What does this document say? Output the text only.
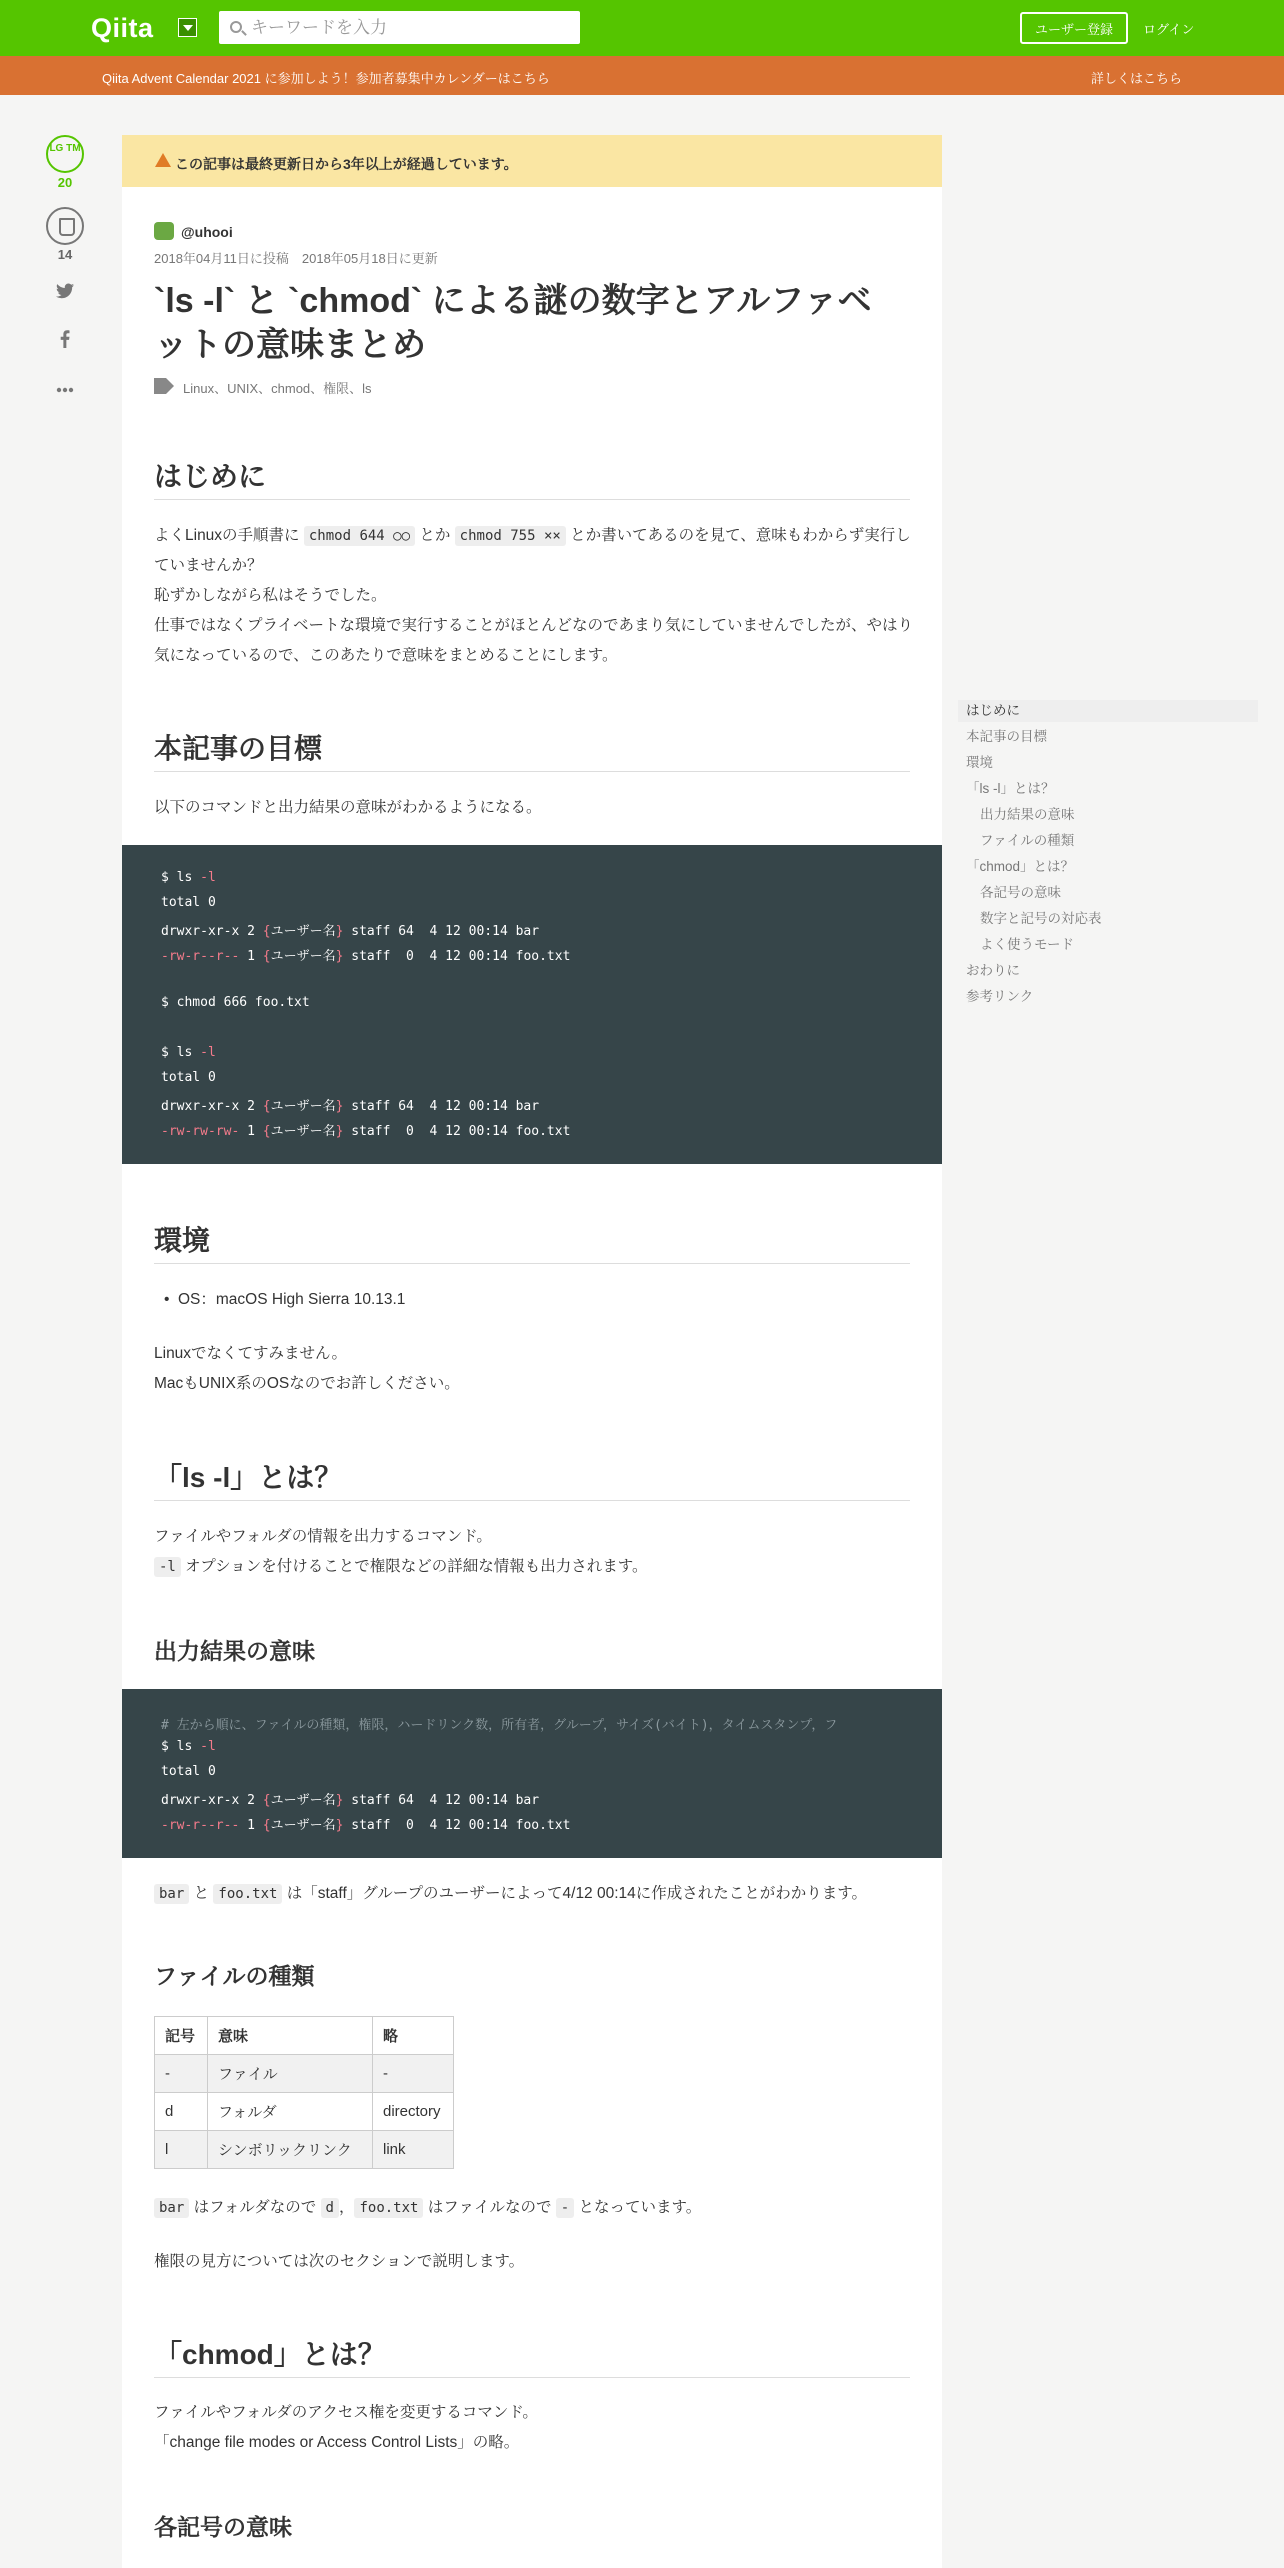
Qiita
キーワードを入力	ユーザー登録	ログイン
Qiita Advent Calendar 2021 に参加しよう！参加者募集中カレンダーはこちら	詳しくはこちら
LG TM
20
14
この記事は最終更新日から3年以上が経過しています。
@uhooi
2018年04月11日に投稿　2018年05月18日に更新
`ls -l` と `chmod` による謎の数字とアルファベットの意味まとめ
Linux、UNIX、chmod、権限、ls
はじめに
よくLinuxの手順書に chmod 644 ○○ とか chmod 755 ×× とか書いてあるのを見て、意味もわからず実行していませんか？
恥ずかしながら私はそうでした。
仕事ではなくプライベートな環境で実行することがほとんどなのであまり気にしていませんでしたが、やはり気になっているので、このあたりで意味をまとめることにします。
本記事の目標
以下のコマンドと出力結果の意味がわかるようになる。
$ ls -l
total 0
drwxr-xr-x 2 {ユーザー名} staff 64  4 12 00:14 bar
-rw-r--r-- 1 {ユーザー名} staff  0  4 12 00:14 foo.txt
$ chmod 666 foo.txt
$ ls -l
total 0
drwxr-xr-x 2 {ユーザー名} staff 64  4 12 00:14 bar
-rw-rw-rw- 1 {ユーザー名} staff  0  4 12 00:14 foo.txt
環境
• OS：macOS High Sierra 10.13.1
Linuxでなくてすみません。
MacもUNIX系のOSなのでお許しください。
「ls -l」とは？
ファイルやフォルダの情報を出力するコマンド。
-l オプションを付けることで権限などの詳細な情報も出力されます。
出力結果の意味
# 左から順に、ファイルの種類，権限，ハードリンク数，所有者，グループ，サイズ(バイト)，タイムスタンプ，フ
$ ls -l
total 0
drwxr-xr-x 2 {ユーザー名} staff 64  4 12 00:14 bar
-rw-r--r-- 1 {ユーザー名} staff  0  4 12 00:14 foo.txt
bar と foo.txt は「staff」グループのユーザーによって4/12 00:14に作成されたことがわかります。
ファイルの種類
記号	意味	略
-	ファイル	-
d	フォルダ	directory
l	シンボリックリンク	link
bar はフォルダなので d ， foo.txt はファイルなので - となっています。
権限の見方については次のセクションで説明します。
「chmod」とは？
ファイルやフォルダのアクセス権を変更するコマンド。
「change file modes or Access Control Lists」の略。
各記号の意味
はじめに
本記事の目標
環境
「ls -l」とは？
出力結果の意味
ファイルの種類
「chmod」とは？
各記号の意味
数字と記号の対応表
よく使うモード
おわりに
参考リンク
